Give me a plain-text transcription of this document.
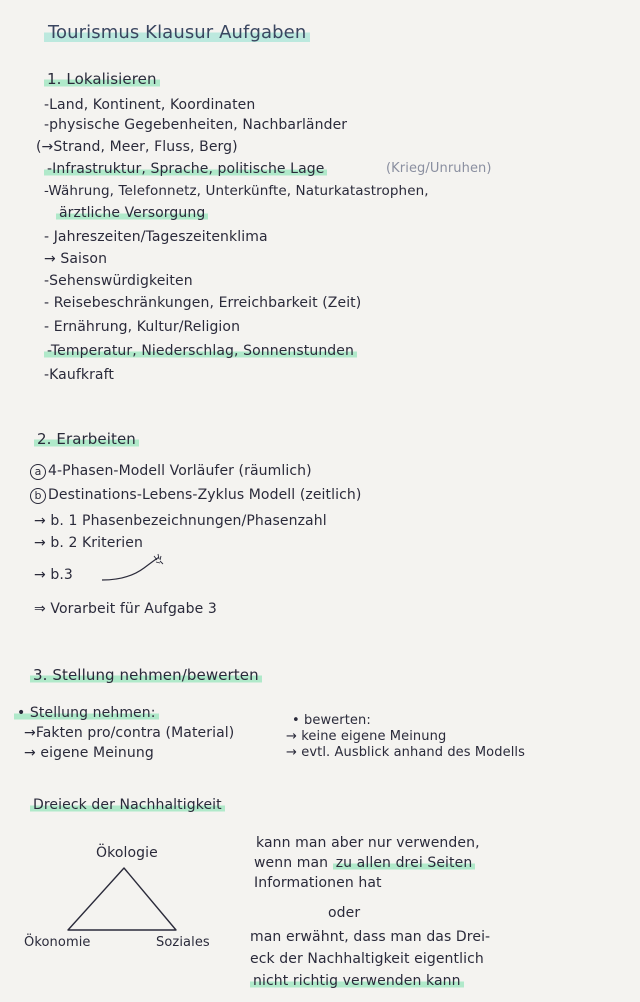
Tourismus Klausur Aufgaben
1. Lokalisieren
-Land, Kontinent, Koordinaten
-physische Gegebenheiten, Nachbarländer
(→Strand, Meer, Fluss, Berg)
-Infrastruktur, Sprache, politische Lage	(Krieg/Unruhen)
-Währung, Telefonnetz, Unterkünfte, Naturkatastrophen,
ärztliche Versorgung
- Jahreszeiten/Tageszeitenklima
→ Saison
-Sehenswürdigkeiten
- Reisebeschränkungen, Erreichbarkeit (Zeit)
- Ernährung, Kultur/Religion
-Temperatur, Niederschlag, Sonnenstunden
-Kaufkraft
2. Erarbeiten
a 4-Phasen-Modell Vorläufer (räumlich)
b Destinations-Lebens-Zyklus Modell (zeitlich)
→ b. 1 Phasenbezeichnungen/Phasenzahl
→ b. 2 Kriterien
→ b.3
⇒ Vorarbeit für Aufgabe 3
3. Stellung nehmen/bewerten
• Stellung nehmen:
→Fakten pro/contra (Material)
→ eigene Meinung
• bewerten:
→ keine eigene Meinung
→ evtl. Ausblick anhand des Modells
Dreieck der Nachhaltigkeit
Ökologie
Ökonomie	Soziales
kann man aber nur verwenden,
wenn man zu allen drei Seiten
Informationen hat
oder
man erwähnt, dass man das Drei-
eck der Nachhaltigkeit eigentlich
nicht richtig verwenden kann
